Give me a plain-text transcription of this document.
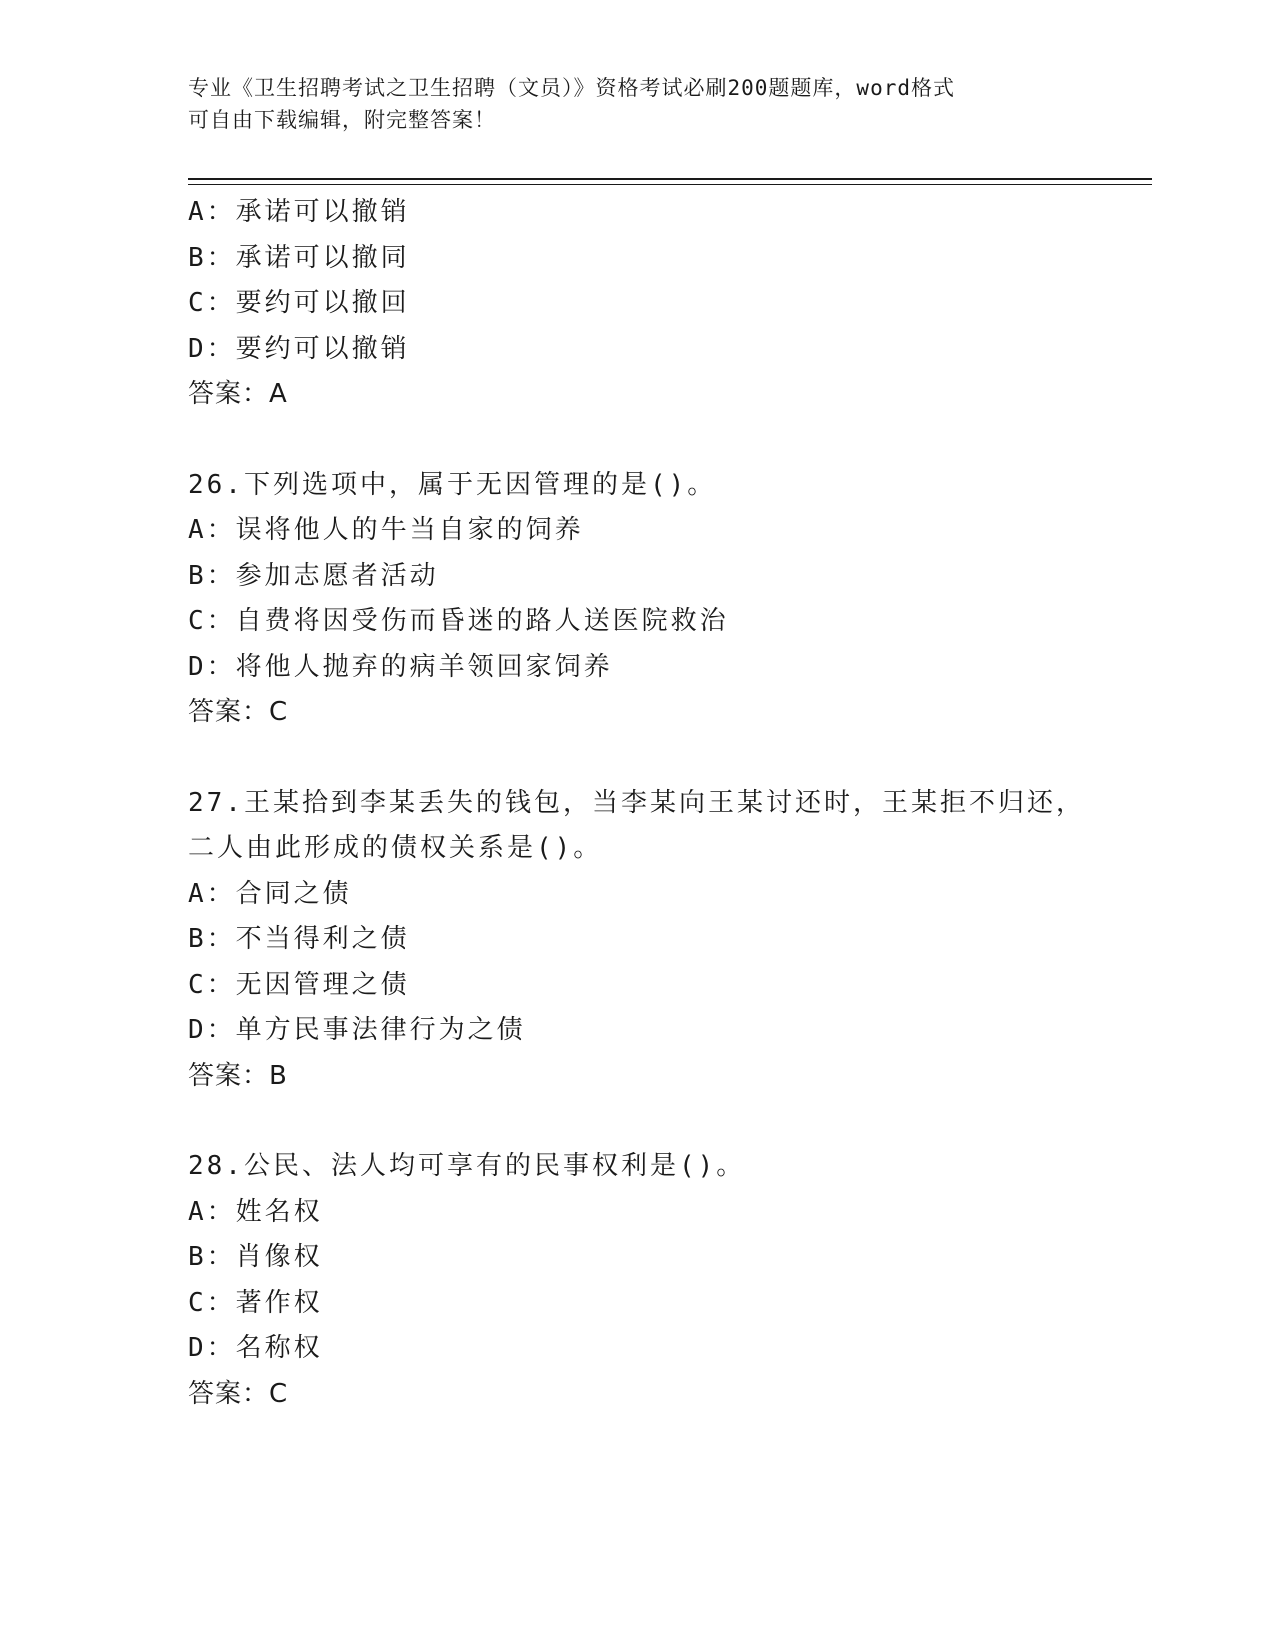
专业《卫生招聘考试之卫生招聘（文员）》资格考试必刷200题题库，word格式
可自由下载编辑，附完整答案！
A：承诺可以撤销
B：承诺可以撤同
C：要约可以撤回
D：要约可以撤销
答案：A
26.下列选项中，属于无因管理的是()。
A：误将他人的牛当自家的饲养
B：参加志愿者活动
C：自费将因受伤而昏迷的路人送医院救治
D：将他人抛弃的病羊领回家饲养
答案：C
27.王某拾到李某丢失的钱包，当李某向王某讨还时，王某拒不归还，
二人由此形成的债权关系是()。
A：合同之债
B：不当得利之债
C：无因管理之债
D：单方民事法律行为之债
答案：B
28.公民、法人均可享有的民事权利是()。
A：姓名权
B：肖像权
C：著作权
D：名称权
答案：C
